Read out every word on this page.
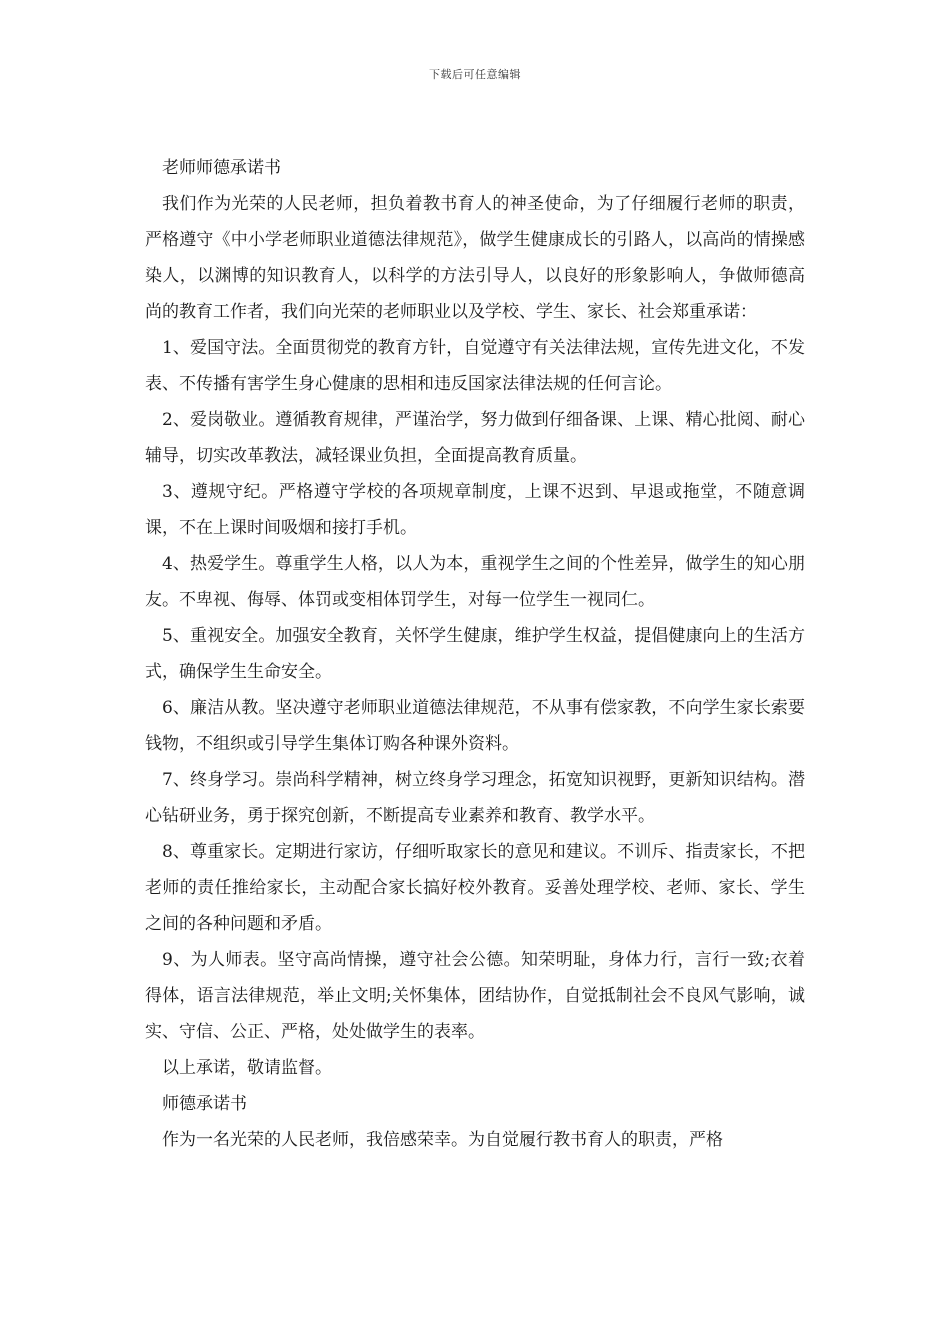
下载后可任意编辑

老师师德承诺书

我们作为光荣的人民老师，担负着教书育人的神圣使命，为了仔细履行老师的职责，严格遵守《中小学老师职业道德法律规范》，做学生健康成长的引路人，以高尚的情操感染人，以渊博的知识教育人，以科学的方法引导人，以良好的形象影响人，争做师德高尚的教育工作者，我们向光荣的老师职业以及学校、学生、家长、社会郑重承诺：

1、爱国守法。全面贯彻党的教育方针，自觉遵守有关法律法规，宣传先进文化，不发表、不传播有害学生身心健康的思相和违反国家法律法规的任何言论。

2、爱岗敬业。遵循教育规律，严谨治学，努力做到仔细备课、上课、精心批阅、耐心辅导，切实改革教法，减轻课业负担，全面提高教育质量。

3、遵规守纪。严格遵守学校的各项规章制度，上课不迟到、早退或拖堂，不随意调课，不在上课时间吸烟和接打手机。

4、热爱学生。尊重学生人格，以人为本，重视学生之间的个性差异，做学生的知心朋友。不卑视、侮辱、体罚或变相体罚学生，对每一位学生一视同仁。

5、重视安全。加强安全教育，关怀学生健康，维护学生权益，提倡健康向上的生活方式，确保学生生命安全。

6、廉洁从教。坚决遵守老师职业道德法律规范，不从事有偿家教，不向学生家长索要钱物，不组织或引导学生集体订购各种课外资料。

7、终身学习。崇尚科学精神，树立终身学习理念，拓宽知识视野，更新知识结构。潜心钻研业务，勇于探究创新，不断提高专业素养和教育、教学水平。

8、尊重家长。定期进行家访，仔细听取家长的意见和建议。不训斥、指责家长，不把老师的责任推给家长，主动配合家长搞好校外教育。妥善处理学校、老师、家长、学生之间的各种问题和矛盾。

9、为人师表。坚守高尚情操，遵守社会公德。知荣明耻，身体力行，言行一致;衣着得体，语言法律规范，举止文明;关怀集体，团结协作，自觉抵制社会不良风气影响，诚实、守信、公正、严格，处处做学生的表率。

以上承诺，敬请监督。

师德承诺书

作为一名光荣的人民老师，我倍感荣幸。为自觉履行教书育人的职责，严格
